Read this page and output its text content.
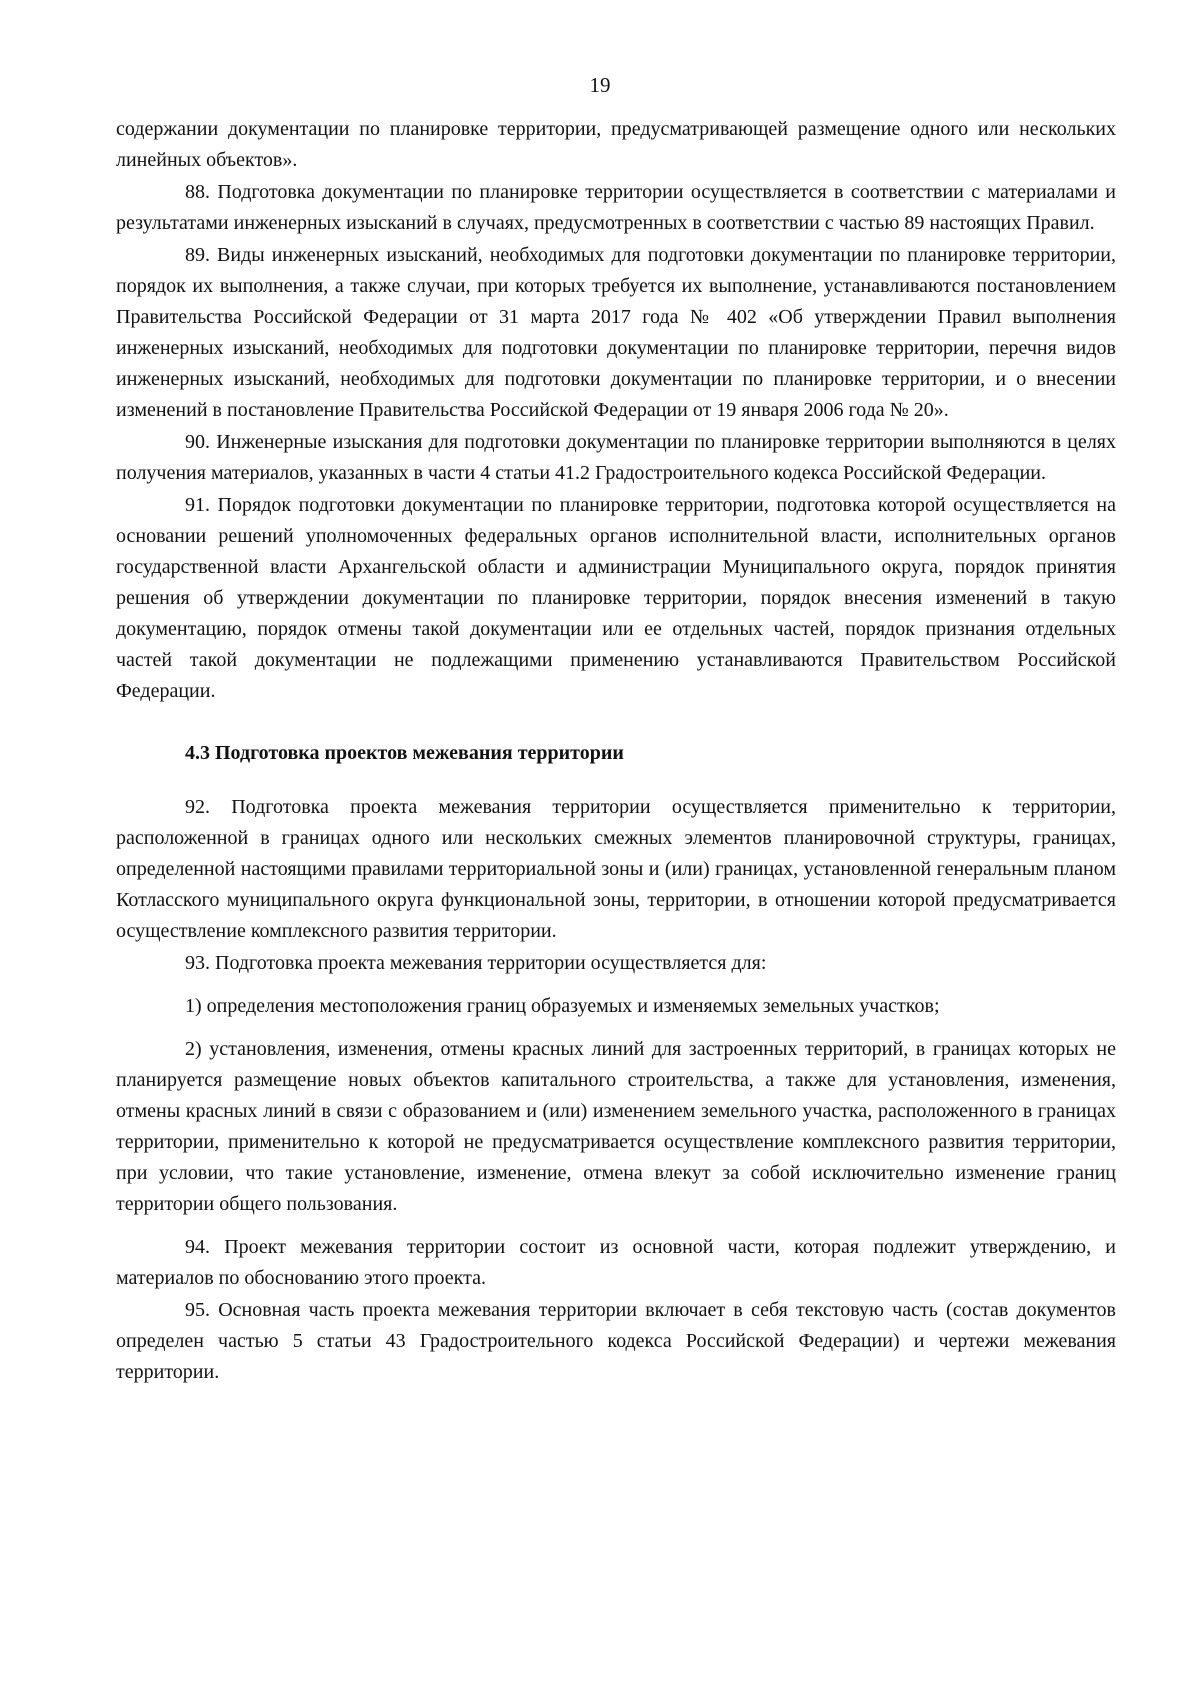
19

содержании документации по планировке территории, предусматривающей размещение одного или нескольких линейных объектов».

88. Подготовка документации по планировке территории осуществляется в соответствии с материалами и результатами инженерных изысканий в случаях, предусмотренных в соответствии с частью 89 настоящих Правил.

89. Виды инженерных изысканий, необходимых для подготовки документации по планировке территории, порядок их выполнения, а также случаи, при которых требуется их выполнение, устанавливаются постановлением Правительства Российской Федерации от 31 марта 2017 года № 402 «Об утверждении Правил выполнения инженерных изысканий, необходимых для подготовки документации по планировке территории, перечня видов инженерных изысканий, необходимых для подготовки документации по планировке территории, и о внесении изменений в постановление Правительства Российской Федерации от 19 января 2006 года № 20».

90. Инженерные изыскания для подготовки документации по планировке территории выполняются в целях получения материалов, указанных в части 4 статьи 41.2 Градостроительного кодекса Российской Федерации.

91. Порядок подготовки документации по планировке территории, подготовка которой осуществляется на основании решений уполномоченных федеральных органов исполнительной власти, исполнительных органов государственной власти Архангельской области и администрации Муниципального округа, порядок принятия решения об утверждении документации по планировке территории, порядок внесения изменений в такую документацию, порядок отмены такой документации или ее отдельных частей, порядок признания отдельных частей такой документации не подлежащими применению устанавливаются Правительством Российской Федерации.

4.3 Подготовка проектов межевания территории

92. Подготовка проекта межевания территории осуществляется применительно к территории, расположенной в границах одного или нескольких смежных элементов планировочной структуры, границах, определенной настоящими правилами территориальной зоны и (или) границах, установленной генеральным планом Котласского муниципального округа функциональной зоны, территории, в отношении которой предусматривается осуществление комплексного развития территории.

93. Подготовка проекта межевания территории осуществляется для:

1) определения местоположения границ образуемых и изменяемых земельных участков;

2) установления, изменения, отмены красных линий для застроенных территорий, в границах которых не планируется размещение новых объектов капитального строительства, а также для установления, изменения, отмены красных линий в связи с образованием и (или) изменением земельного участка, расположенного в границах территории, применительно к которой не предусматривается осуществление комплексного развития территории, при условии, что такие установление, изменение, отмена влекут за собой исключительно изменение границ территории общего пользования.

94. Проект межевания территории состоит из основной части, которая подлежит утверждению, и материалов по обоснованию этого проекта.

95. Основная часть проекта межевания территории включает в себя текстовую часть (состав документов определен частью 5 статьи 43 Градостроительного кодекса Российской Федерации) и чертежи межевания территории.
